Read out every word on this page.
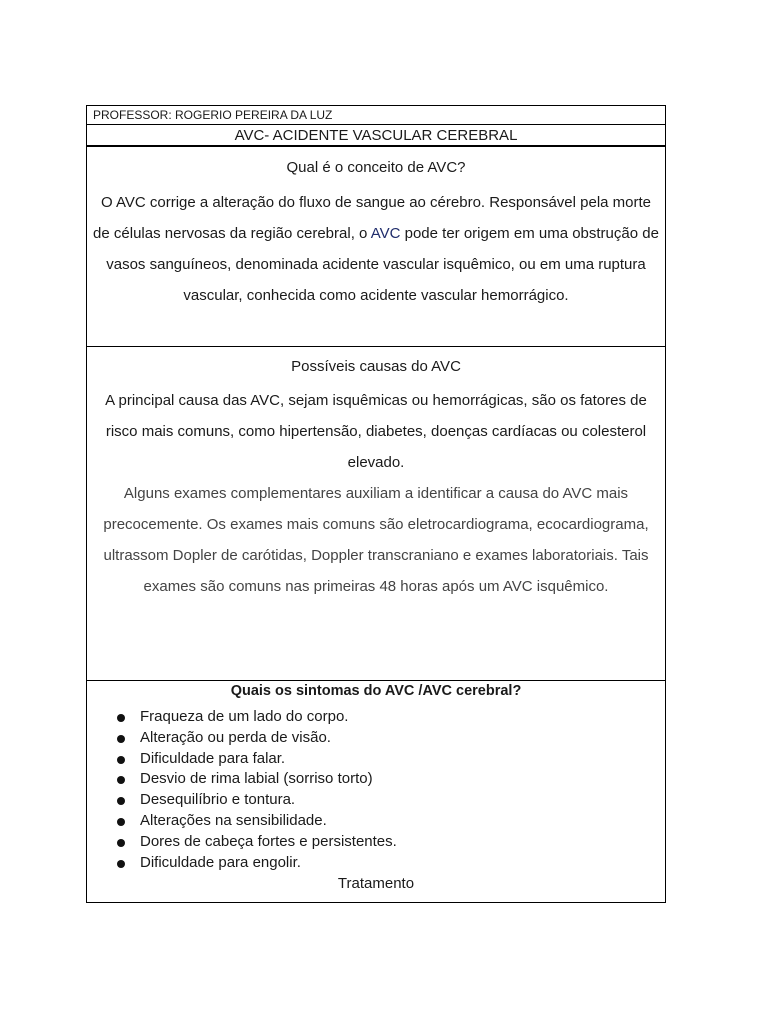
PROFESSOR: ROGERIO PEREIRA DA LUZ
AVC- ACIDENTE VASCULAR CEREBRAL

Qual é o conceito de AVC?

O AVC corrige a alteração do fluxo de sangue ao cérebro. Responsável pela morte de células nervosas da região cerebral, o AVC pode ter origem em uma obstrução de vasos sanguíneos, denominada acidente vascular isquêmico, ou em uma ruptura vascular, conhecida como acidente vascular hemorrágico.

Possíveis causas do AVC

A principal causa das AVC, sejam isquêmicas ou hemorrágicas, são os fatores de risco mais comuns, como hipertensão, diabetes, doenças cardíacas ou colesterol elevado.

Alguns exames complementares auxiliam a identificar a causa do AVC mais precocemente. Os exames mais comuns são eletrocardiograma, ecocardiograma, ultrassom Dopler de carótidas, Doppler transcraniano e exames laboratoriais. Tais exames são comuns nas primeiras 48 horas após um AVC isquêmico.

Quais os sintomas do AVC /AVC cerebral?

Fraqueza de um lado do corpo.
Alteração ou perda de visão.
Dificuldade para falar.
Desvio de rima labial (sorriso torto)
Desequilíbrio e tontura.
Alterações na sensibilidade.
Dores de cabeça fortes e persistentes.
Dificuldade para engolir.
Tratamento
